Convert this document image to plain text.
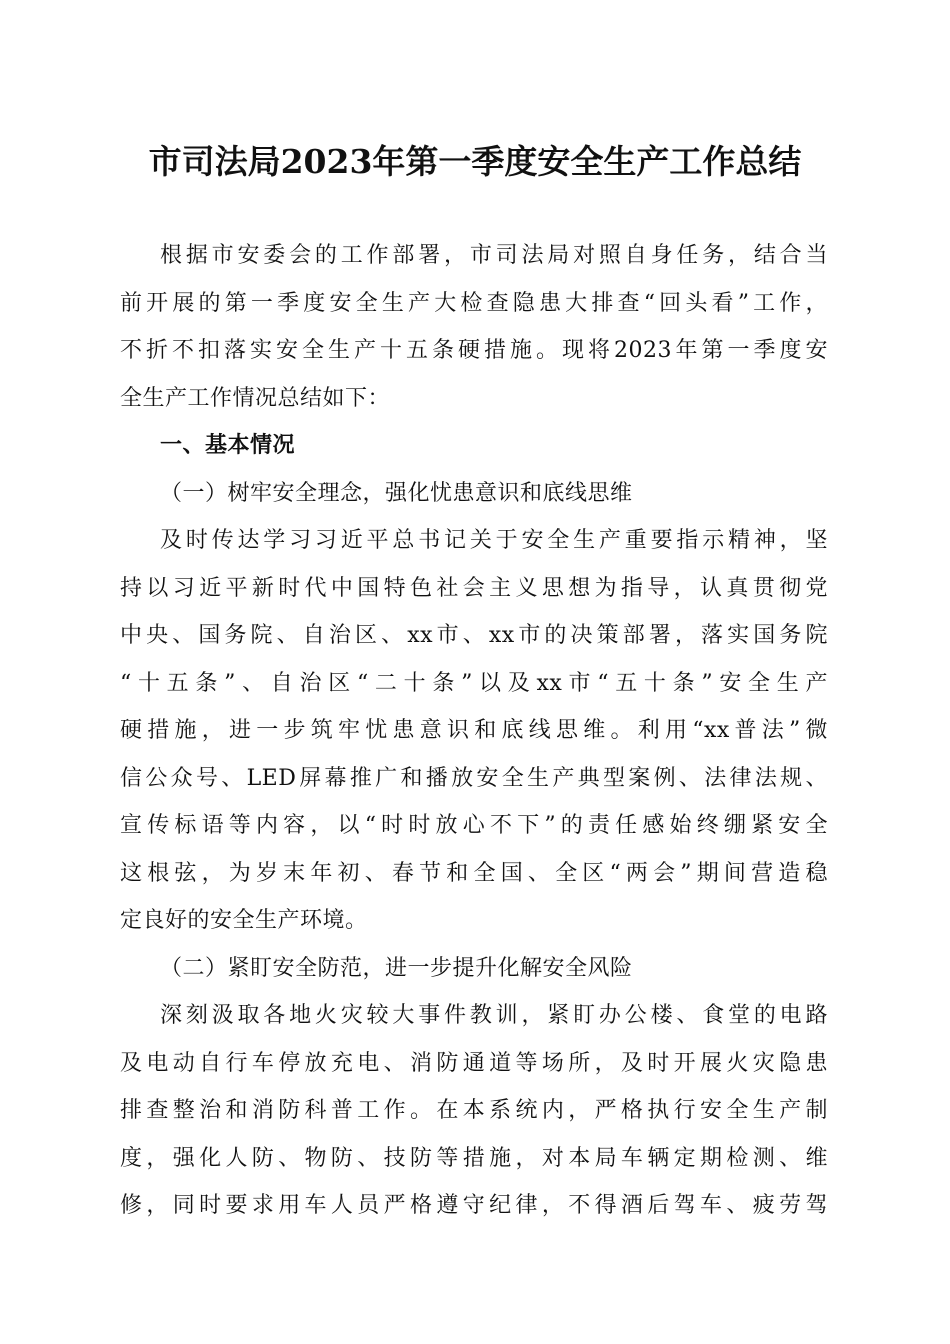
市司法局2023年第一季度安全生产工作总结
根据市安委会的工作部署，市司法局对照自身任务，结合当
前开展的第一季度安全生产大检查隐患大排查“回头看”工作，
不折不扣落实安全生产十五条硬措施。现将2023年第一季度安
全生产工作情况总结如下：
一、基本情况
（一）树牢安全理念，强化忧患意识和底线思维
及时传达学习习近平总书记关于安全生产重要指示精神，坚
持以习近平新时代中国特色社会主义思想为指导，认真贯彻党
中央、国务院、自治区、xx市、xx市的决策部署，落实国务院
“十五条”、自治区“二十条”以及xx市“五十条”安全生产
硬措施，进一步筑牢忧患意识和底线思维。利用“xx普法”微
信公众号、LED屏幕推广和播放安全生产典型案例、法律法规、
宣传标语等内容，以“时时放心不下”的责任感始终绷紧安全
这根弦，为岁末年初、春节和全国、全区“两会”期间营造稳
定良好的安全生产环境。
（二）紧盯安全防范，进一步提升化解安全风险
深刻汲取各地火灾较大事件教训，紧盯办公楼、食堂的电路
及电动自行车停放充电、消防通道等场所，及时开展火灾隐患
排查整治和消防科普工作。在本系统内，严格执行安全生产制
度，强化人防、物防、技防等措施，对本局车辆定期检测、维
修，同时要求用车人员严格遵守纪律，不得酒后驾车、疲劳驾
